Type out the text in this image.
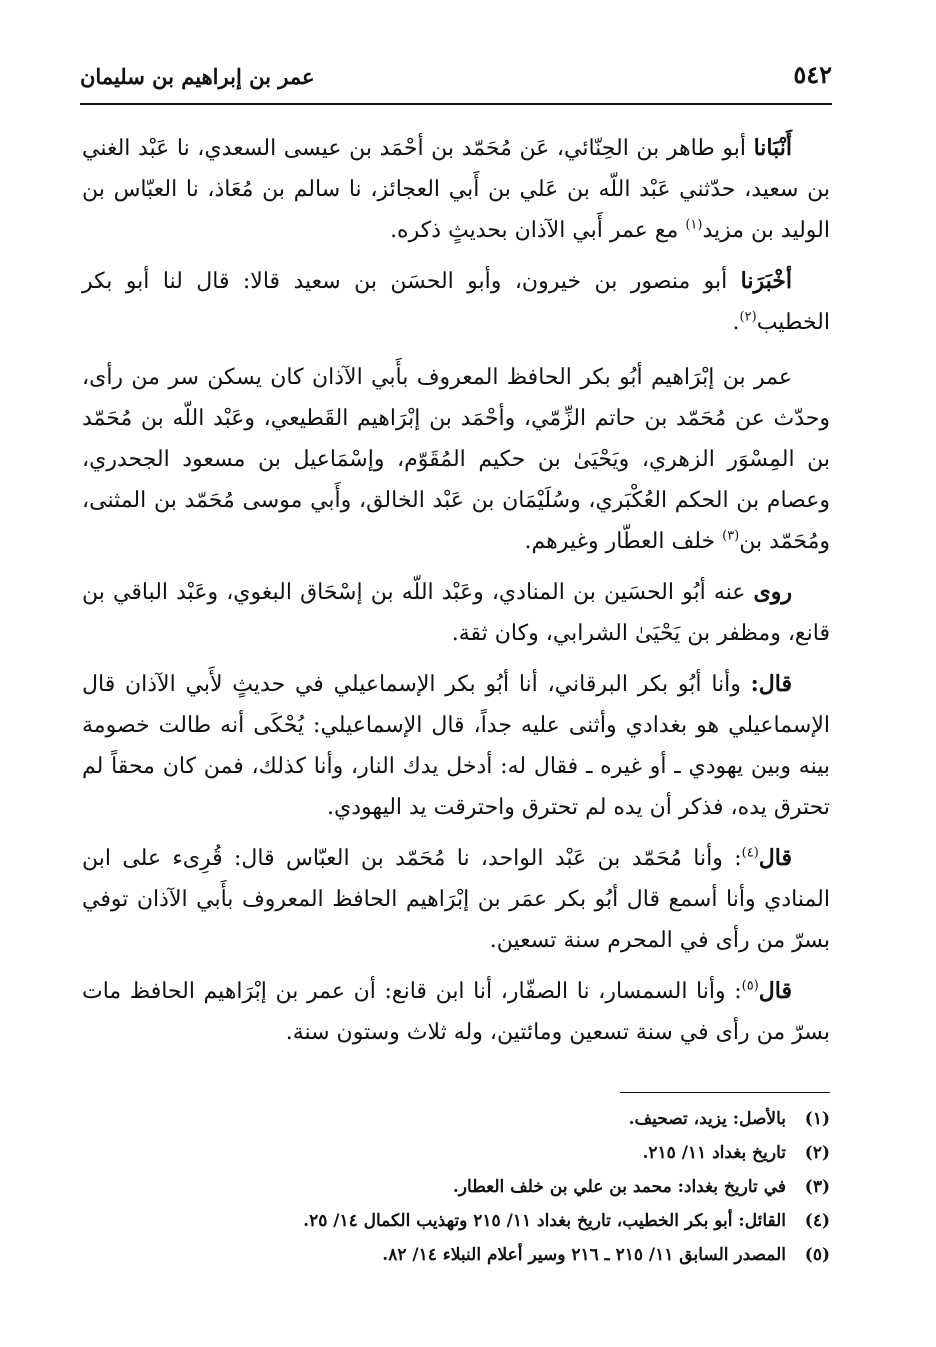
٥٤٢
عمر بن إبراهيم بن سليمان

أَنْبَانا أبو طاهر بن الحِنّائي، عَن مُحَمّد بن أحْمَد بن عيسى السعدي، نا عَبْد الغني بن سعيد، حدّثني عَبْد اللّه بن عَلي بن أَبي العجائز، نا سالم بن مُعَاذ، نا العبّاس بن الوليد بن مزيد$^{(١)}$ مع عمر أَبي الآذان بحديثٍ ذكره.

أخْبَرَنا أبو منصور بن خيرون، وأبو الحسَن بن سعيد قالا: قال لنا أبو بكر الخطيب$^{(٢)}$.

عمر بن إبْرَاهيم أبُو بكر الحافظ المعروف بأَبي الآذان كان يسكن سر من رأى، وحدّث عن مُحَمّد بن حاتم الزِّمّي، وأحْمَد بن إبْرَاهيم القَطيعي، وعَبْد اللّه بن مُحَمّد بن المِسْوَر الزهري، ويَحْيَىٰ بن حكيم المُقَوّم، وإسْمَاعيل بن مسعود الجحدري، وعصام بن الحكم العُكْبَري، وسُلَيْمَان بن عَبْد الخالق، وأَبي موسى مُحَمّد بن المثنى، ومُحَمّد بن$^{(٣)}$ خلف العطّار وغيرهم.

روى عنه أبُو الحسَين بن المنادي، وعَبْد اللّه بن إسْحَاق البغوي، وعَبْد الباقي بن قانع، ومظفر بن يَحْيَىٰ الشرابي، وكان ثقة.

قال: وأنا أبُو بكر البرقاني، أنا أبُو بكر الإسماعيلي في حديثٍ لأَبي الآذان قال الإسماعيلي هو بغدادي وأثنى عليه جداً، قال الإسماعيلي: يُحْكَى أنه طالت خصومة بينه وبين يهودي ـ أو غيره ـ فقال له: أدخل يدك النار، وأنا كذلك، فمن كان محقاً لم تحترق يده، فذكر أن يده لم تحترق واحترقت يد اليهودي.

قال$^{(٤)}$: وأنا مُحَمّد بن عَبْد الواحد، نا مُحَمّد بن العبّاس قال: قُرِىء على ابن المنادي وأنا أسمع قال أبُو بكر عمَر بن إبْرَاهيم الحافظ المعروف بأَبي الآذان توفي بسرّ من رأى في المحرم سنة تسعين.

قال$^{(٥)}$: وأنا السمسار، نا الصفّار، أنا ابن قانع: أن عمر بن إبْرَاهيم الحافظ مات بسرّ من رأى في سنة تسعين ومائتين، وله ثلاث وستون سنة.

(١)
بالأصل: يزيد، تصحيف.
(٢)
تاريخ بغداد ١١/ ٢١٥.
(٣)
في تاريخ بغداد: محمد بن علي بن خلف العطار.
(٤)
القائل: أبو بكر الخطيب، تاريخ بغداد ١١/ ٢١٥ وتهذيب الكمال ١٤/ ٢٥.
(٥)
المصدر السابق ١١/ ٢١٥ ـ ٢١٦ وسير أعلام النبلاء ١٤/ ٨٢.
